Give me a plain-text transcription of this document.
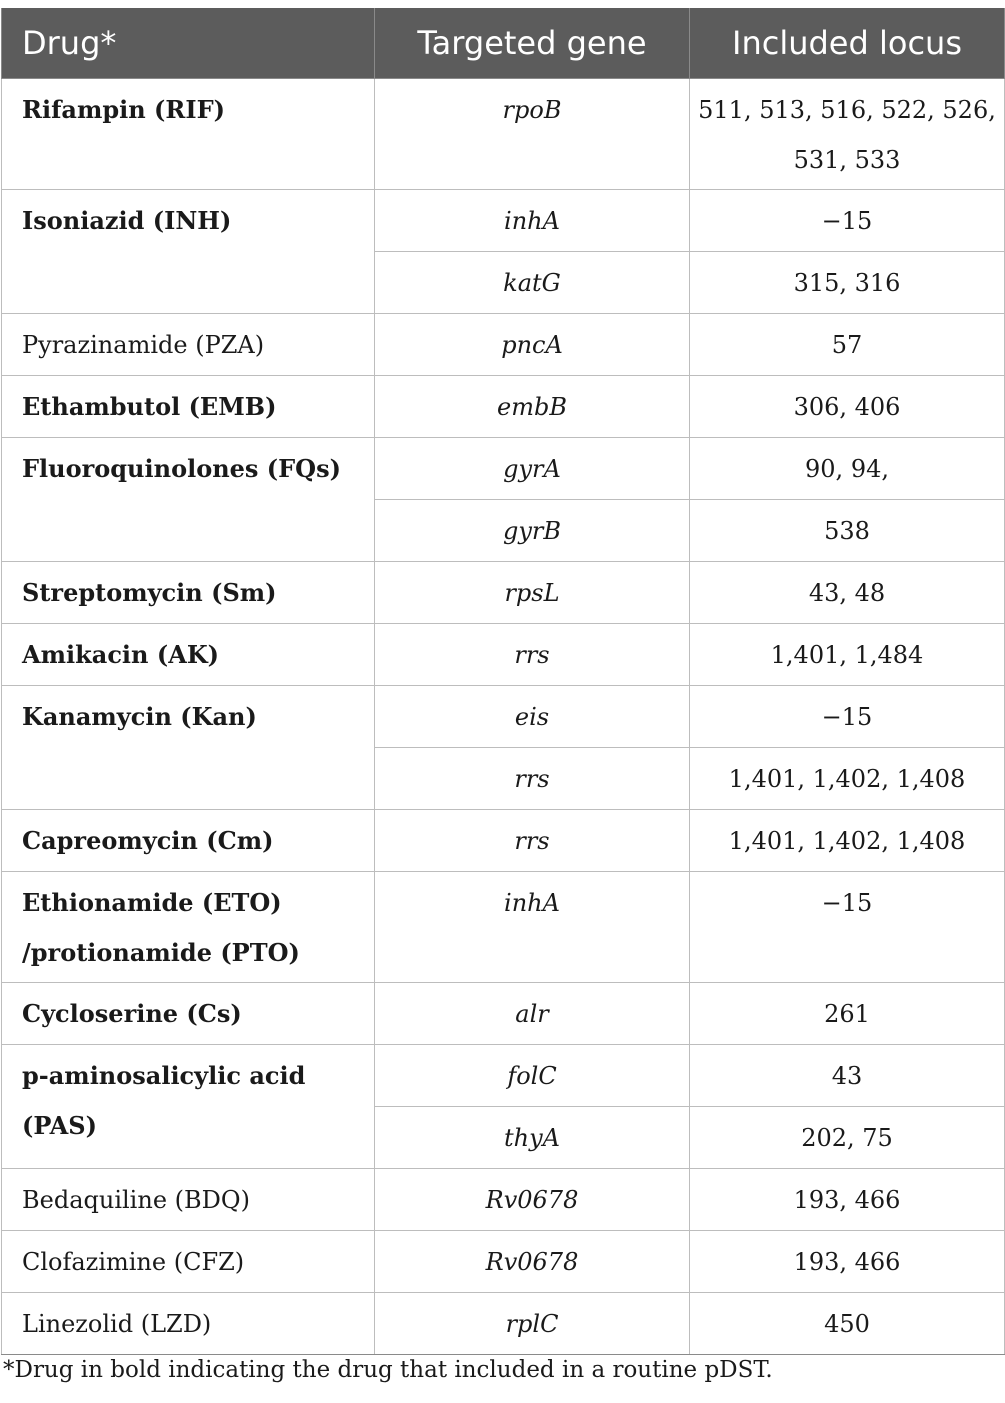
Drug*	Targeted gene	Included locus
Rifampin (RIF)	rpoB	511, 513, 516, 522, 526, 531, 533
Isoniazid (INH)	inhA	−15
	katG	315, 316
Pyrazinamide (PZA)	pncA	57
Ethambutol (EMB)	embB	306, 406
Fluoroquinolones (FQs)	gyrA	90, 94,
	gyrB	538
Streptomycin (Sm)	rpsL	43, 48
Amikacin (AK)	rrs	1,401, 1,484
Kanamycin (Kan)	eis	−15
	rrs	1,401, 1,402, 1,408
Capreomycin (Cm)	rrs	1,401, 1,402, 1,408
Ethionamide (ETO) /protionamide (PTO)	inhA	−15
Cycloserine (Cs)	alr	261
p-aminosalicylic acid (PAS)	folC	43
	thyA	202, 75
Bedaquiline (BDQ)	Rv0678	193, 466
Clofazimine (CFZ)	Rv0678	193, 466
Linezolid (LZD)	rplC	450
*Drug in bold indicating the drug that included in a routine pDST.
